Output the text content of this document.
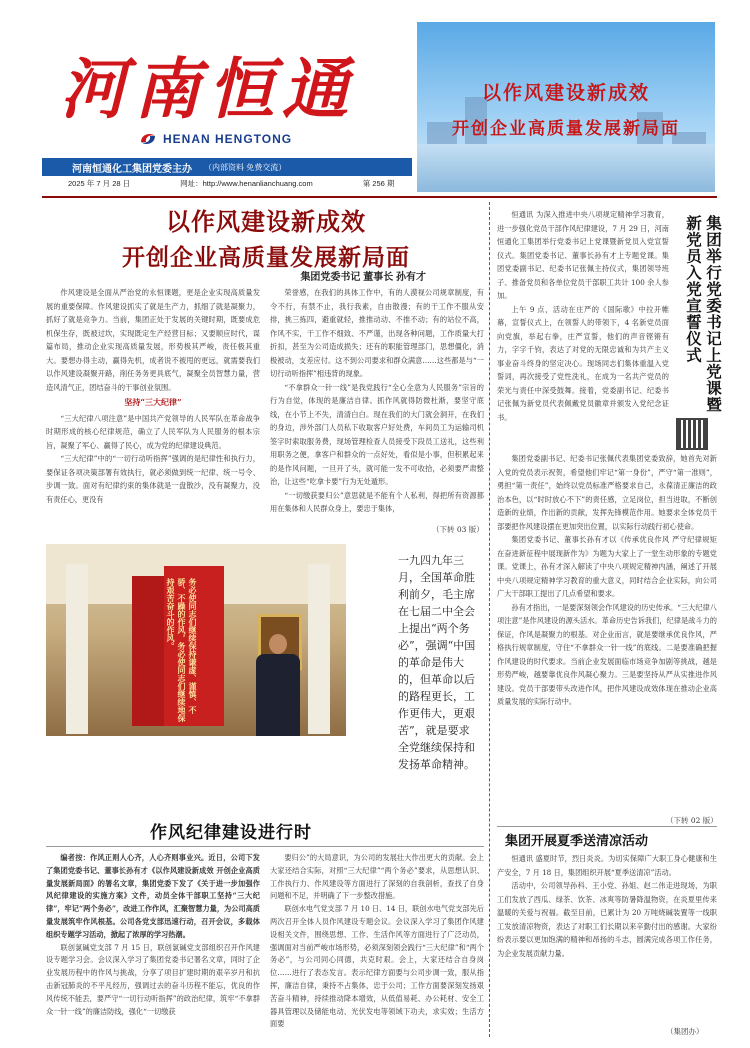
河南恒通
HENAN HENGTONG
河南恒通化工集团党委主办 （内部资料 免费交流）
2025 年 7 月 28 日	网址：http://www.henanlianchuang.com	第 256 期
以作风建设新成效
开创企业高质量发展新局面
以作风建设新成效
开创企业高质量发展新局面
集团党委书记 董事长 孙有才

作风建设是全面从严治党的永恒课题，更是企业实现高质量发展的重要保障。作风建设抓实了就是生产力，抓细了就是凝聚力，抓好了就是竞争力。当前，集团正处于发展的关键时期，既要成危机保生存，既被过坎，实现既定生产经营目标；又要顺应时代，谋篇布局，推动企业实现高质量发展，形势极其严峻，责任极其重大。要想办得主动，赢得先机，成者说不被甩的更远，就需要我们以作风建设凝聚开路，削任务务更具底气，凝聚全员智慧力量，营造风清气正，团结奋斗的干事创业氛围。

坚持“三大纪律”

“三大纪律八项注意”是中国共产党领导的人民军队在革命战争时期形成的核心纪律规范，确立了人民军队为人民服务的根本宗旨，凝聚了军心、赢得了民心，成为党的纪律建设典范。

“三大纪律”中的“一切行动听指挥”强调的是纪律性和执行力，要保证各项决策部署有效执行，就必须做到统一纪律、统一号令、步调一致。面对有纪律约束的集体就是一盘散沙，没有凝聚力，没有责任心，更没有

荣誉感，在我们的具体工作中，有的人漠视公司规章制度，有令不行，有禁不止，我行我素，自由散漫；有的干工作不服从安排，挑三拣四，避重就轻，推推动动、不推不动；有的站位不高，作风不实，干工作不细致、不严谨，出现各种问题，工作质量大打折扣，甚至为公司造成损失；还有的职能管理部门，思想僵化，消极被动，支差应付。这不到公司要求和群众满意……这些都是与“一切行动听指挥”相违背的现象。

“不拿群众一针一线”是我党践行“全心全意为人民服务”宗旨的行为自觉，体现的是廉洁自律。抓作风就得防微杜渐，要坚守底线，在小节上不失，清清白白。现在我们的大门就会洞开，在我们的身边，涉外部门人员私下收取客户好处费，车间员工为运输司机签字时索取服务费，现场管理检查人员接受下段员工送礼，这些利用职务之便，拿客户和群众的一点好处，看似是小事，但积累起来的是作风问题，一旦开了头，就可能一发不可收拾，必须要严肃整治，让这些“吃拿卡要”行为无处遁形。

“一切缴获要归公”意思就是不能有个人私利，得把所有资源都用在集体和人民群众身上，要忠于集体，

（下转 03 版）
务必使同志们继续保持谦虚、谨慎、不骄、不躁的作风，务必使同志们继续地保持艰苦奋斗的作风。
一九四九年三月，全国革命胜利前夕，毛主席在七届二中全会上提出“两个务必”，强调“中国的革命是伟大的，但革命以后的路程更长，工作更伟大，更艰苦”，就是要求全党继续保持和发扬革命精神。
作风纪律建设进行时

编者按：作风正则人心齐，人心齐则事业兴。近日，公司下发了集团党委书记、董事长孙有才《以作风建设新成效 开创企业高质量发展新局面》的署名文章，集团党委下发了《关于进一步加强作风纪律建设的实施方案》文件，动员全体干部职工坚持“三大纪律”，牢记“两个务必”，改进工作作风，汇聚智慧力量，为公司高质量发展筑牢作风根基。公司各党支部迅速行动，召开会议，多载体组织专题学习活动，掀起了浓厚的学习热潮。

联创氯碱党支部 7 月 15 日，联创氯碱党支部组织召开作风建设专题学习会。会议深入学习了集团党委书记署名文章，同时了企业发展历程中的作风与挑战，分享了项目扩建时期的艰辛岁月和抗击新冠肺炎的不平凡经历，强调过去的奋斗历程不能忘，优良的作风传统不能丢，要严守“一切行动听指挥”的政治纪律，筑牢“不拿群众一针一线”的廉洁防线，强化“一切缴获

要归公”的大局意识，为公司的发展壮大作出更大的贡献。会上大家还结合实际，对照“三大纪律”“两个务必”要求，从思想认识、工作执行力、作风建设等方面进行了深刻的自我剖析，查找了自身问题和不足，并明确了下一步整改措施。

联创水电气党支部 7 月 10 日、14 日，联创水电气党支部先后两次召开全体人员作风建设专题会议。会议深入学习了集团作风建设相关文件，围绕思想、工作、生活作风等方面进行了广泛动员，强调面对当前严峻市场形势，必须深刻领会践行“三大纪律”和“两个务必”，与公司同心同德，共克时艰。会上，大家还结合自身岗位……进行了表态发言。表示纪律方面要与公司步调一致，服从指挥，廉洁自律，秉持不占集体，忠于公司；工作方面要深刻发扬艰苦奋斗精神，持续推动降本增效，从低值易耗、办公耗材、安全工器具管理以及储能电动、光伏发电等领域下功夫，求实效；生活方面要

集团举行党委书记上党课暨新党员入党宣誓仪式

恒通讯 为深入推进中央八项规定精神学习教育，进一步强化党员干部作风纪律建设，7 月 29 日，河南恒通化工集团举行党委书记上党课暨新党员入党宣誓仪式。集团党委书记、董事长孙有才上专题党课。集团党委副书记、纪委书记张佩主持仪式，集团领导班子、推备党员和各单位党员干部职工共计 100 余人参加。

上午 9 点，活动在庄严的《国际歌》中拉开帷幕，宣誓仪式上，在领誓人的带领下，4 名新党员面向党旗，举起右拳，庄严宣誓，他们的声音铿锵有力，字字千钧，表达了对党的无限忠诚和为共产主义事业奋斗终身的坚定决心。现场同志们集体重温入党誓词，再次接受了党性洗礼，在成为一名共产党员的荣光与责任中深受鼓舞。接着，党委副书记、纪委书记张佩为新党员代表佩戴党员徽章并颁发入党纪念证书。

集团党委副书记、纪委书记张佩代表集团党委致辞，她首先对新入党的党员表示祝贺，希望他们牢记“第一身份”，严守“第一准则”，勇担“第一责任”，始终以党员标准严格要求自己，永葆清正廉洁的政治本色，以“时时放心不下”的责任感，立足岗位，担当进取，不断创造新的业绩，作出新的贡献，发挥先锋模范作用。她要求全体党员干部要把作风建设摆在更加突出位置，以实际行动践行初心使命。

集团党委书记、董事长孙有才以《传承优良作风 严守纪律规矩 在奋进新征程中展现新作为》为题为大家上了一堂生动形象的专题党课。党课上，孙有才深入解读了中央八项规定精神内涵，阐述了开展中央八项规定精神学习教育的重大意义，同时结合企业实际，向公司广大干部职工提出了几点希望和要求。

孙有才指出，一是要深刻领会作风建设的历史传承。“三大纪律八项注意”是作风建设的源头活水。革命历史告诉我们，纪律是战斗力的保证，作风是凝聚力的根基。对企业而言，就是要继承优良作风，严格执行规章制度，守住“不拿群众一针一线”的底线。二是要准确把握作风建设的时代要求。当前企业发展面临市场竞争加剧等挑战，越是形势严峻，越要靠优良作风凝心聚力。三是要坚持从严从实推进作风建设。党员干部要带头改进作风，把作风建设成效体现在推动企业高质量发展的实际行动中。

（下转 02 版）
集团开展夏季送清凉活动

恒通讯 盛夏时节，烈日炎炎。为切实保障广大职工身心健康和生产安全，7 月 18 日，集团组织开展“夏季送清凉”活动。

活动中，公司领导孙科、王小党、孙姐、赵二伟走进现场，为职工们发放了西瓜、绿茶、饮茶、冰爽等防暑降温物资，在炎夏里传来温暖的关爱与祝福。截至目前，已累计为 20 万吨烧碱装置等一线职工发放清凉物资，表达了对职工们长期以来辛勤付出的感谢。大家纷纷表示要以更加饱满的精神和昂扬的斗志，圆满完成各项工作任务，为企业发展贡献力量。

（集团办）
